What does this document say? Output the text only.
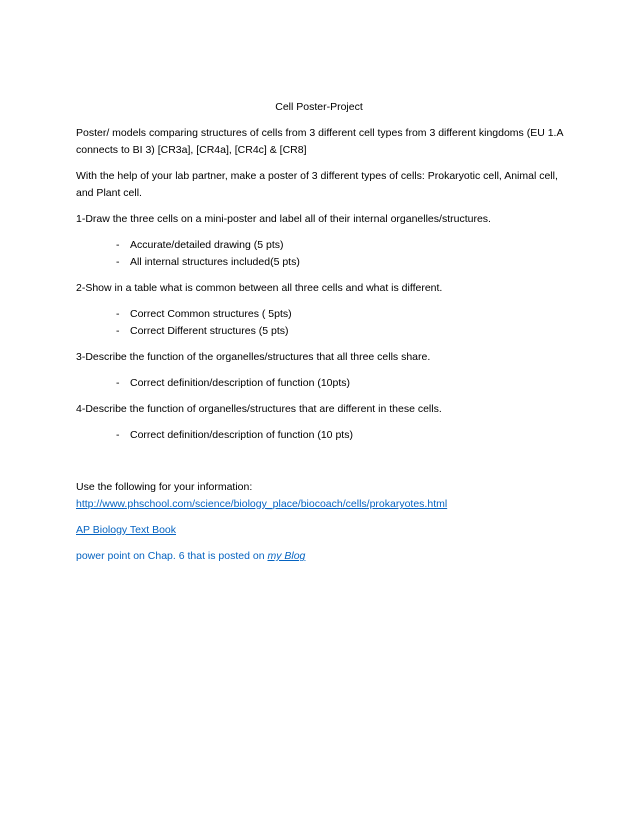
Cell Poster-Project

Poster/ models comparing structures of cells from 3 different cell types from 3 different kingdoms (EU 1.A connects to BI 3) [CR3a], [CR4a], [CR4c] & [CR8]

With the help of your lab partner, make a poster of 3 different types of cells: Prokaryotic cell, Animal cell, and Plant cell.

1-Draw the three cells on a mini-poster and label all of their internal organelles/structures.

- Accurate/detailed drawing (5 pts)
- All internal structures included(5 pts)

2-Show in a table what is common between all three cells and what is different.

- Correct Common structures ( 5pts)
- Correct Different structures (5 pts)

3-Describe the function of the organelles/structures that all three cells share.

- Correct definition/description of function (10pts)

4-Describe the function of organelles/structures that are different in these cells.

- Correct definition/description of function (10 pts)

Use the following for your information:

http://www.phschool.com/science/biology_place/biocoach/cells/prokaryotes.html

AP Biology Text Book

power point on Chap. 6 that is posted on my Blog
